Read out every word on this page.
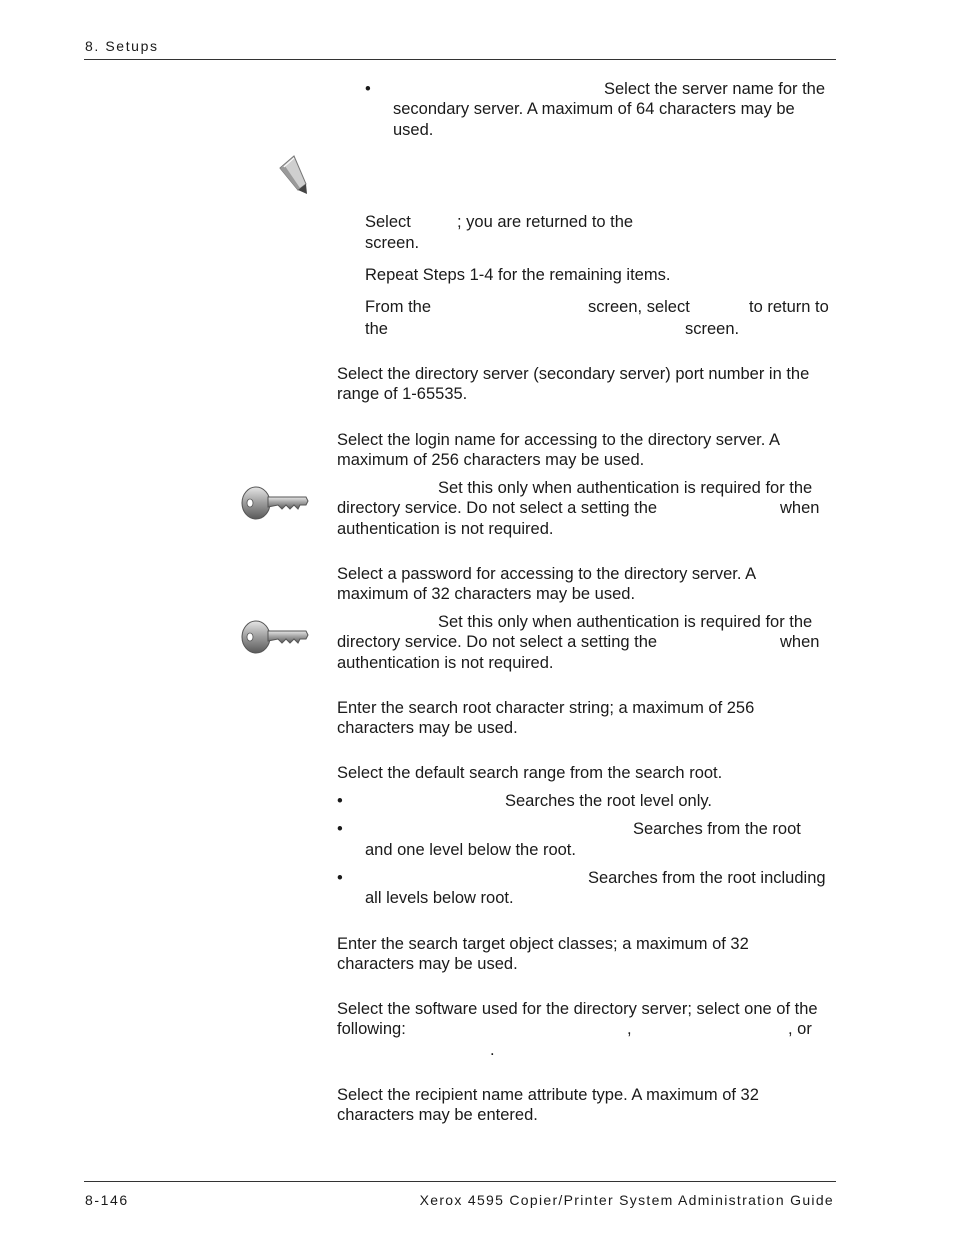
8. Setups
•	Select the server name for the
secondary server. A maximum of 64 characters may be
used.
Select	; you are returned to the
screen.
Repeat Steps 1-4 for the remaining items.
From the	screen, select	to return to
the	screen.
Select the directory server (secondary server) port number in the
range of 1-65535.
Select the login name for accessing to the directory server. A
maximum of 256 characters may be used.
Set this only when authentication is required for the
directory service. Do not select a setting the	when
authentication is not required.
Select a password for accessing to the directory server. A
maximum of 32 characters may be used.
Set this only when authentication is required for the
directory service. Do not select a setting the	when
authentication is not required.
Enter the search root character string; a maximum of 256
characters may be used.
Select the default search range from the search root.
•	Searches the root level only.
•	Searches from the root
and one level below the root.
•	Searches from the root including
all levels below root.
Enter the search target object classes; a maximum of 32
characters may be used.
Select the software used for the directory server; select one of the
following:	,	, or
.
Select the recipient name attribute type. A maximum of 32
characters may be entered.
8-146	Xerox 4595 Copier/Printer System Administration Guide
